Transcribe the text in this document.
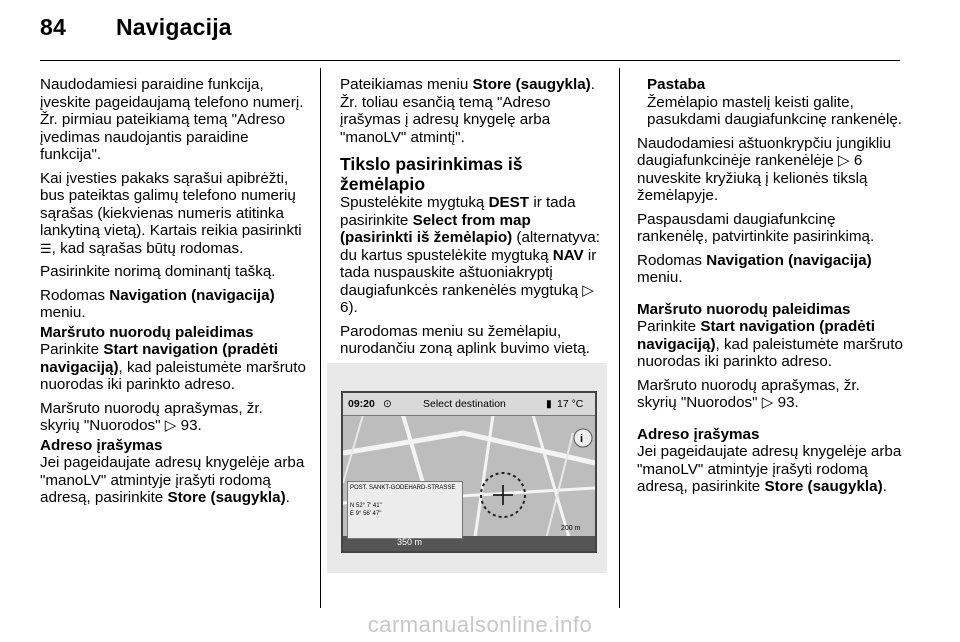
84 Navigacija

Naudodamiesi paraidine funkcija, įveskite pageidaujamą telefono numerį. Žr. pirmiau pateikiamą temą "Adreso įvedimas naudojantis paraidine funkcija".

Kai įvesties pakaks sąrašui apibrėžti, bus pateiktas galimų telefono numerių sąrašas (kiekvienas numeris atitinka lankytiną vietą). Kartais reikia pasirinkti ☰, kad sąrašas būtų rodomas.

Pasirinkite norimą dominantį tašką.

Rodomas Navigation (navigacija) meniu.

Maršruto nuorodų paleidimas

Parinkite Start navigation (pradėti navigaciją), kad paleistumėte maršruto nuorodas iki parinkto adreso.

Maršruto nuorodų aprašymas, žr. skyrių "Nuorodos" ▷ 93.

Adreso įrašymas

Jei pageidaujate adresų knygelėje arba "manoLV" atmintyje įrašyti rodomą adresą, pasirinkite Store (saugykla).

Pateikiamas meniu Store (saugykla). Žr. toliau esančią temą "Adreso įrašymas į adresų knygelę arba "manoLV" atmintį".

Tikslo pasirinkimas iš žemėlapio

Spustelėkite mygtuką DEST ir tada pasirinkite Select from map (pasirinkti iš žemėlapio) (alternatyva: du kartus spustelėkite mygtuką NAV ir tada nuspauskite aštuoniakryptį daugiafunkcės rankenėlės mygtuką ▷ 6).

Parodomas meniu su žemėlapiu, nurodančiu zoną aplink buvimo vietą.

i
09:20 ⊙	Select destination	▮ 17 °C
POST. SANKT-GODEHARD-STRASSE
N 52° 7' 41"
E 9° 56' 47"
350 m
200 m
Pastaba
Žemėlapio mastelį keisti galite, pasukdami daugiafunkcinę rankenėlę.

Naudodamiesi aštuonkrypčiu jungikliu daugiafunkcinėje rankenėlėje ▷ 6 nuveskite kryžiuką į kelionės tikslą žemėlapyje.

Paspausdami daugiafunkcinę rankenėlę, patvirtinkite pasirinkimą.

Rodomas Navigation (navigacija) meniu.

Maršruto nuorodų paleidimas

Parinkite Start navigation (pradėti navigaciją), kad paleistumėte maršruto nuorodas iki parinkto adreso.

Maršruto nuorodų aprašymas, žr. skyrių "Nuorodos" ▷ 93.

Adreso įrašymas

Jei pageidaujate adresų knygelėje arba "manoLV" atmintyje įrašyti rodomą adresą, pasirinkite Store (saugykla).

carmanualsonline.info
